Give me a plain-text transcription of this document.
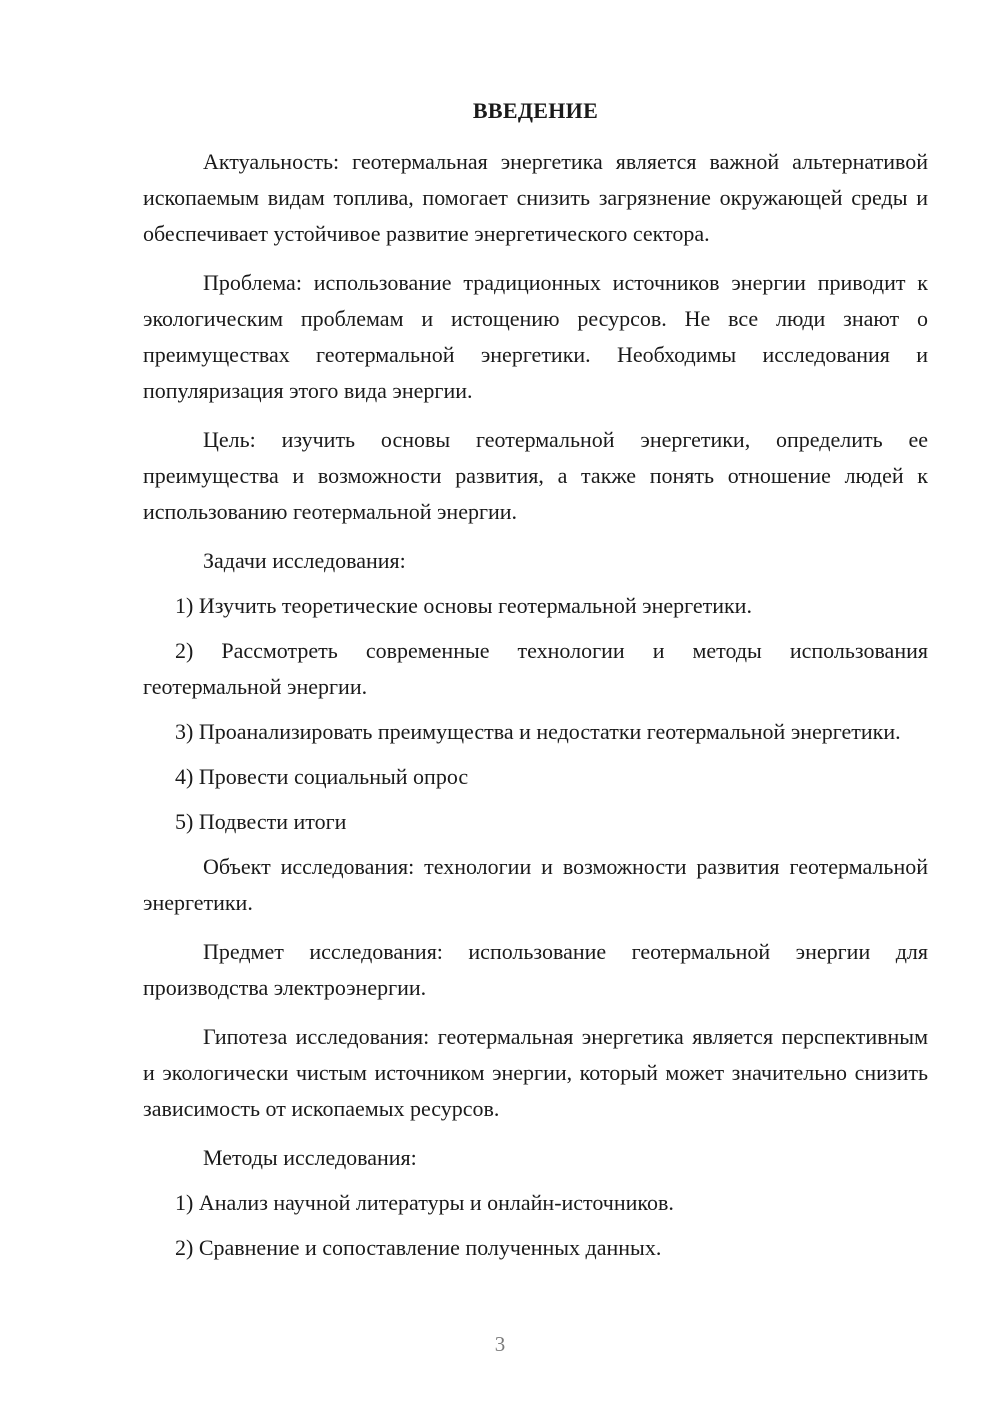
ВВЕДЕНИЕ

Актуальность: геотермальная энергетика является важной альтернативой ископаемым видам топлива, помогает снизить загрязнение окружающей среды и обеспечивает устойчивое развитие энергетического сектора.

Проблема: использование традиционных источников энергии приводит к экологическим проблемам и истощению ресурсов. Не все люди знают о преимуществах геотермальной энергетики. Необходимы исследования и популяризация этого вида энергии.

Цель: изучить основы геотермальной энергетики, определить ее преимущества и возможности развития, а также понять отношение людей к использованию геотермальной энергии.

Задачи исследования:

1) Изучить теоретические основы геотермальной энергетики.

2) Рассмотреть современные технологии и методы использования геотермальной энергии.

3) Проанализировать преимущества и недостатки геотермальной энергетики.

4) Провести социальный опрос

5) Подвести итоги

Объект исследования: технологии и возможности развития геотермальной энергетики.

Предмет исследования: использование геотермальной энергии для производства электроэнергии.

Гипотеза исследования: геотермальная энергетика является перспективным и экологически чистым источником энергии, который может значительно снизить зависимость от ископаемых ресурсов.

Методы исследования:

1) Анализ научной литературы и онлайн-источников.

2) Сравнение и сопоставление полученных данных.

3
